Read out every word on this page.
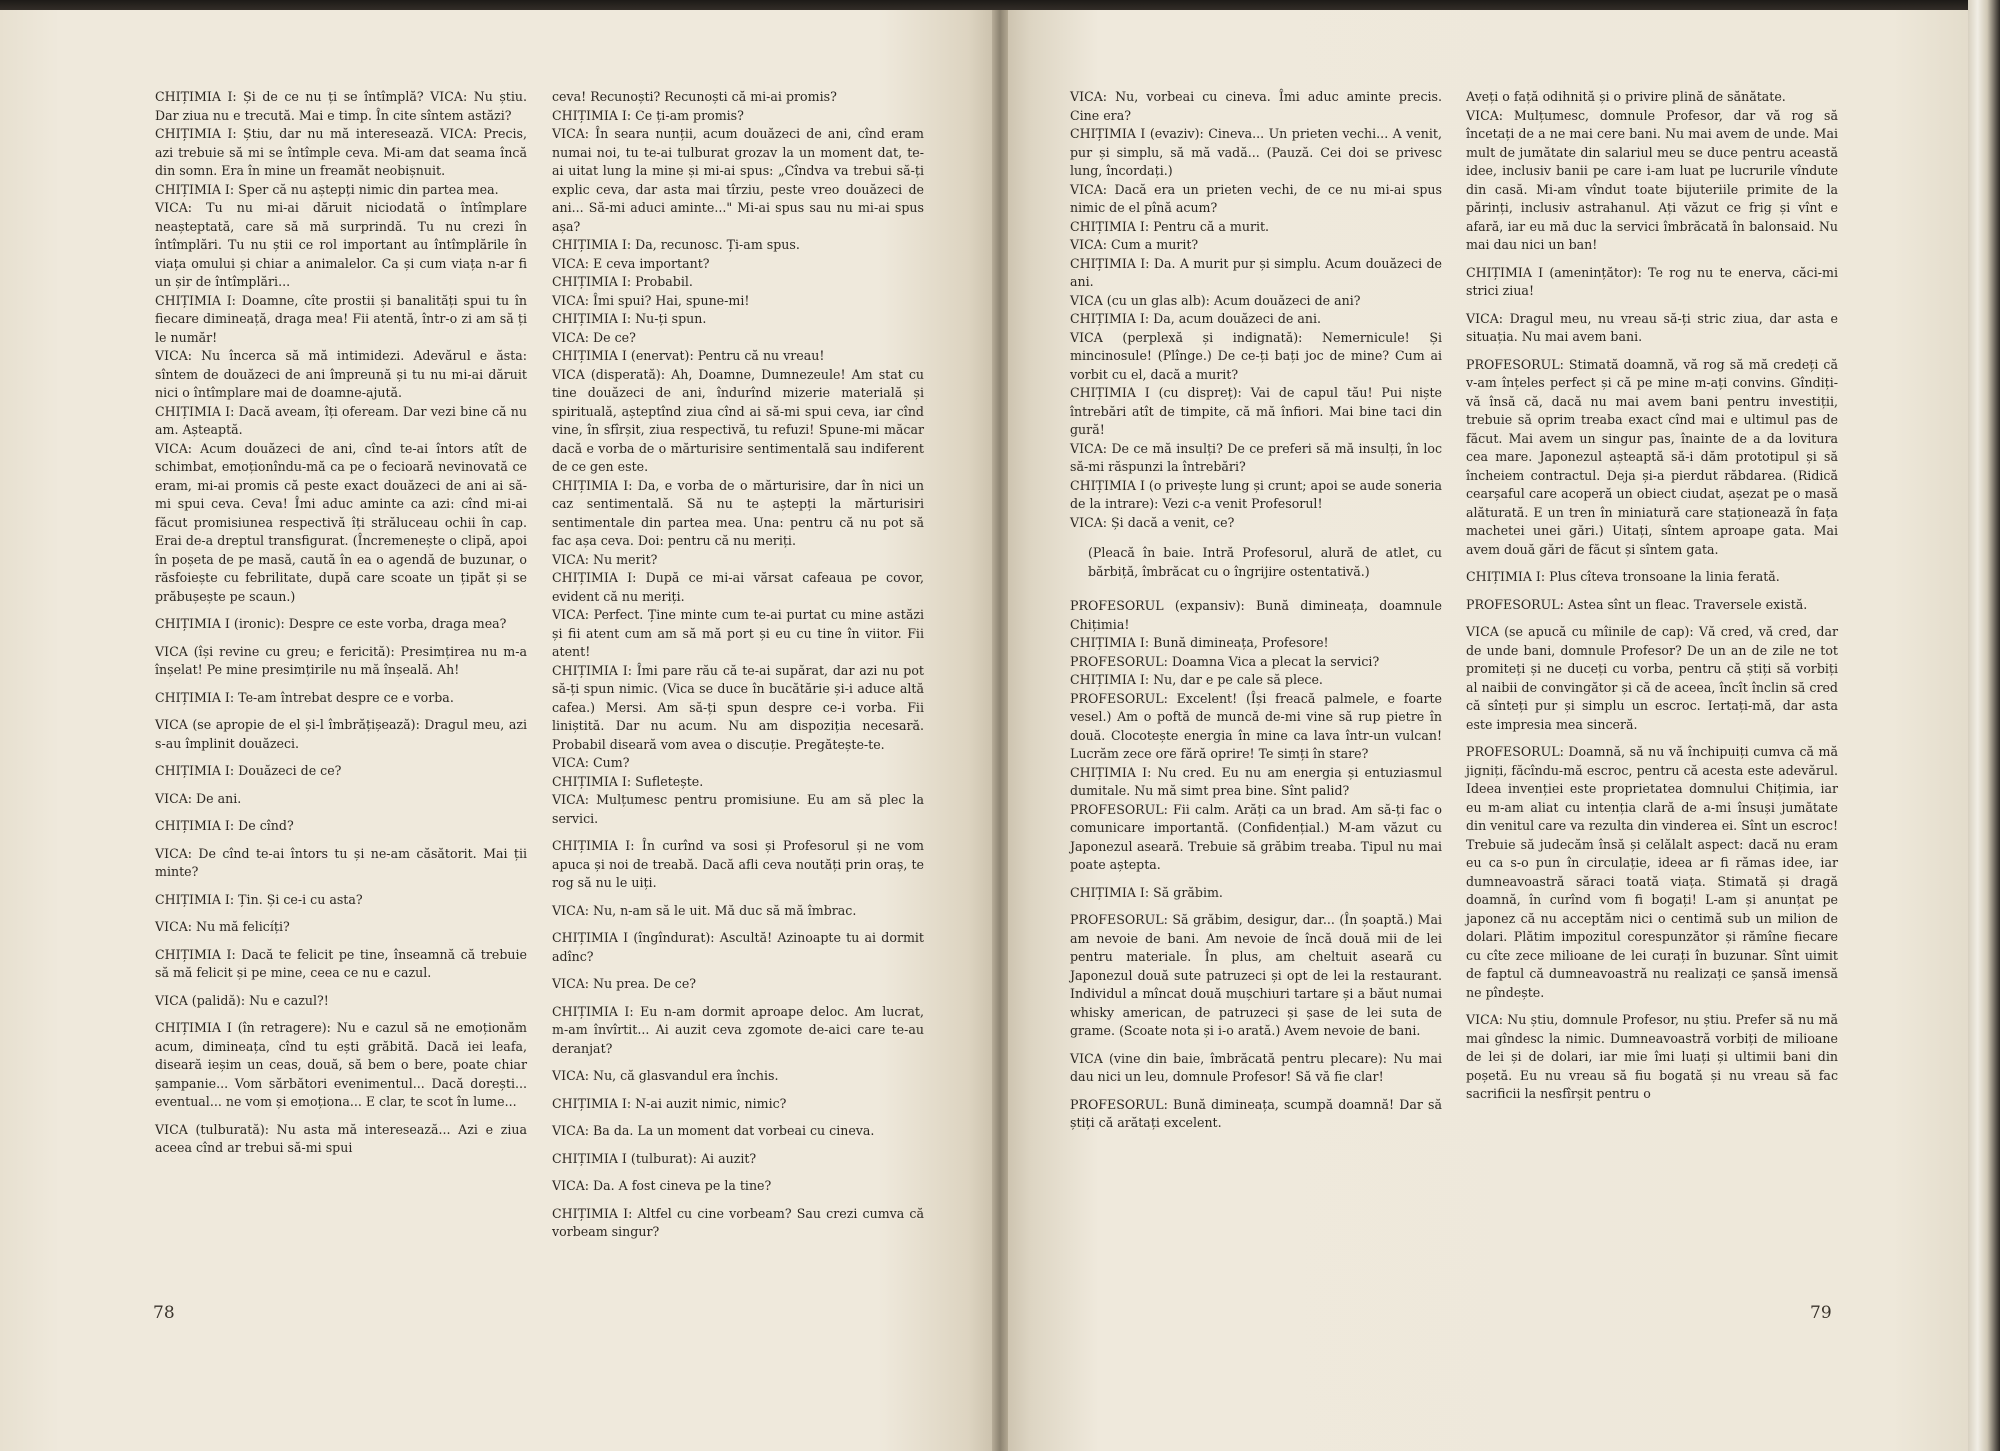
CHIȚIMIA I: Și de ce nu ți se întîmplă? VICA: Nu știu. Dar ziua nu e trecută. Mai e timp. În cite sîntem astăzi?

CHIȚIMIA I: Știu, dar nu mă interesează. VICA: Precis, azi trebuie să mi se întîmple ceva. Mi-am dat seama încă din somn. Era în mine un freamăt neobișnuit.

CHIȚIMIA I: Sper că nu aștepți nimic din partea mea.

VICA: Tu nu mi-ai dăruit niciodată o întîmplare neașteptată, care să mă surprindă. Tu nu crezi în întîmplări. Tu nu știi ce rol important au întîmplările în viața omului și chiar a animalelor. Ca și cum viața n-ar fi un șir de întîmplări...

CHIȚIMIA I: Doamne, cîte prostii și banalități spui tu în fiecare dimineață, draga mea! Fii atentă, într-o zi am să ți le număr!

VICA: Nu încerca să mă intimidezi. Adevărul e ăsta: sîntem de douăzeci de ani împreună și tu nu mi-ai dăruit nici o întîmplare mai de doamne-ajută.

CHIȚIMIA I: Dacă aveam, îți ofeream. Dar vezi bine că nu am. Așteaptă.

VICA: Acum douăzeci de ani, cînd te-ai întors atît de schimbat, emoționîndu-mă ca pe o fecioară nevinovată ce eram, mi-ai promis că peste exact douăzeci de ani ai să-mi spui ceva. Ceva! Îmi aduc aminte ca azi: cînd mi-ai făcut promisiunea respectivă îți străluceau ochii în cap. Erai de-a dreptul transfigurat. (Încremenește o clipă, apoi în poșeta de pe masă, caută în ea o agendă de buzunar, o răsfoiește cu febrilitate, după care scoate un țipăt și se prăbușește pe scaun.)

CHIȚIMIA I (ironic): Despre ce este vorba, draga mea?

VICA (își revine cu greu; e fericită): Presimțirea nu m-a înșelat! Pe mine presimțirile nu mă înșeală. Ah!

CHIȚIMIA I: Te-am întrebat despre ce e vorba.

VICA (se apropie de el și-l îmbrățișează): Dragul meu, azi s-au împlinit douăzeci.

CHIȚIMIA I: Douăzeci de ce?

VICA: De ani.

CHIȚIMIA I: De cînd?

VICA: De cînd te-ai întors tu și ne-am căsătorit. Mai ții minte?

CHIȚIMIA I: Țin. Și ce-i cu asta?

VICA: Nu mă felicíți?

CHIȚIMIA I: Dacă te felicit pe tine, înseamnă că trebuie să mă felicit și pe mine, ceea ce nu e cazul.

VICA (palidă): Nu e cazul?!

CHIȚIMIA I (în retragere): Nu e cazul să ne emoționăm acum, dimineața, cînd tu ești grăbită. Dacă iei leafa, diseară ieșim un ceas, două, să bem o bere, poate chiar șampanie... Vom sărbători evenimentul... Dacă dorești... eventual... ne vom și emoționa... E clar, te scot în lume...

VICA (tulburată): Nu asta mă interesează... Azi e ziua aceea cînd ar trebui să-mi spui

ceva! Recunoști? Recunoști că mi-ai promis?

CHIȚIMIA I: Ce ți-am promis?

VICA: În seara nunții, acum douăzeci de ani, cînd eram numai noi, tu te-ai tulburat grozav la un moment dat, te-ai uitat lung la mine și mi-ai spus: „Cîndva va trebui să-ți explic ceva, dar asta mai tîrziu, peste vreo douăzeci de ani... Să-mi aduci aminte..." Mi-ai spus sau nu mi-ai spus așa?

CHIȚIMIA I: Da, recunosc. Ți-am spus.

VICA: E ceva important?

CHIȚIMIA I: Probabil.

VICA: Îmi spui? Hai, spune-mi!

CHIȚIMIA I: Nu-ți spun.

VICA: De ce?

CHIȚIMIA I (enervat): Pentru că nu vreau!

VICA (disperată): Ah, Doamne, Dumnezeule! Am stat cu tine douăzeci de ani, îndurînd mizerie materială și spirituală, așteptînd ziua cînd ai să-mi spui ceva, iar cînd vine, în sfîrșit, ziua respectivă, tu refuzi! Spune-mi măcar dacă e vorba de o mărturisire sentimentală sau indiferent de ce gen este.

CHIȚIMIA I: Da, e vorba de o mărturisire, dar în nici un caz sentimentală. Să nu te aștepți la mărturisiri sentimentale din partea mea. Una: pentru că nu pot să fac așa ceva. Doi: pentru că nu meriți.

VICA: Nu merit?

CHIȚIMIA I: După ce mi-ai vărsat cafeaua pe covor, evident că nu meriți.

VICA: Perfect. Ține minte cum te-ai purtat cu mine astăzi și fii atent cum am să mă port și eu cu tine în viitor. Fii atent!

CHIȚIMIA I: Îmi pare rău că te-ai supărat, dar azi nu pot să-ți spun nimic. (Vica se duce în bucătărie și-i aduce altă cafea.) Mersi. Am să-ți spun despre ce-i vorba. Fii liniștită. Dar nu acum. Nu am dispoziția necesară. Probabil diseară vom avea o discuție. Pregătește-te.

VICA: Cum?

CHIȚIMIA I: Sufletește.

VICA: Mulțumesc pentru promisiune. Eu am să plec la servici.

CHIȚIMIA I: În curînd va sosi și Profesorul și ne vom apuca și noi de treabă. Dacă afli ceva noutăți prin oraș, te rog să nu le uiți.

VICA: Nu, n-am să le uit. Mă duc să mă îmbrac.

CHIȚIMIA I (îngîndurat): Ascultă! Azinoapte tu ai dormit adînc?

VICA: Nu prea. De ce?

CHIȚIMIA I: Eu n-am dormit aproape deloc. Am lucrat, m-am învîrtit... Ai auzit ceva zgomote de-aici care te-au deranjat?

VICA: Nu, că glasvandul era închis.

CHIȚIMIA I: N-ai auzit nimic, nimic?

VICA: Ba da. La un moment dat vorbeai cu cineva.

CHIȚIMIA I (tulburat): Ai auzit?

VICA: Da. A fost cineva pe la tine?

CHIȚIMIA I: Altfel cu cine vorbeam? Sau crezi cumva că vorbeam singur?

VICA: Nu, vorbeai cu cineva. Îmi aduc aminte precis. Cine era?

CHIȚIMIA I (evaziv): Cineva... Un prieten vechi... A venit, pur și simplu, să mă vadă... (Pauză. Cei doi se privesc lung, încordați.)

VICA: Dacă era un prieten vechi, de ce nu mi-ai spus nimic de el pînă acum?

CHIȚIMIA I: Pentru că a murit.

VICA: Cum a murit?

CHIȚIMIA I: Da. A murit pur și simplu. Acum douăzeci de ani.

VICA (cu un glas alb): Acum douăzeci de ani?

CHIȚIMIA I: Da, acum douăzeci de ani.

VICA (perplexă și indignată): Nemernicule! Și mincinosule! (Plînge.) De ce-ți bați joc de mine? Cum ai vorbit cu el, dacă a murit?

CHIȚIMIA I (cu dispreț): Vai de capul tău! Pui niște întrebări atît de timpite, că mă înfiori. Mai bine taci din gură!

VICA: De ce mă insulți? De ce preferi să mă insulți, în loc să-mi răspunzi la întrebări?

CHIȚIMIA I (o privește lung și crunt; apoi se aude soneria de la intrare): Vezi c-a venit Profesorul!

VICA: Și dacă a venit, ce?

(Pleacă în baie. Intră Profesorul, alură de atlet, cu bărbiță, îmbrăcat cu o îngrijire ostentativă.)

PROFESORUL (expansiv): Bună dimineața, doamnule Chițimia!

CHIȚIMIA I: Bună dimineața, Profesore!

PROFESORUL: Doamna Vica a plecat la servici?

CHIȚIMIA I: Nu, dar e pe cale să plece.

PROFESORUL: Excelent! (Își freacă palmele, e foarte vesel.) Am o poftă de muncă de-mi vine să rup pietre în două. Clocotește energia în mine ca lava într-un vulcan! Lucrăm zece ore fără oprire! Te simți în stare?

CHIȚIMIA I: Nu cred. Eu nu am energia și entuziasmul dumitale. Nu mă simt prea bine. Sînt palid?

PROFESORUL: Fii calm. Arăți ca un brad. Am să-ți fac o comunicare importantă. (Confidențial.) M-am văzut cu Japonezul aseară. Trebuie să grăbim treaba. Tipul nu mai poate aștepta.

CHIȚIMIA I: Să grăbim.

PROFESORUL: Să grăbim, desigur, dar... (În șoaptă.) Mai am nevoie de bani. Am nevoie de încă două mii de lei pentru materiale. În plus, am cheltuit aseară cu Japonezul două sute patruzeci și opt de lei la restaurant. Individul a mîncat două mușchiuri tartare și a băut numai whisky american, de patruzeci și șase de lei suta de grame. (Scoate nota și i-o arată.) Avem nevoie de bani.

VICA (vine din baie, îmbrăcată pentru plecare): Nu mai dau nici un leu, domnule Profesor! Să vă fie clar!

PROFESORUL: Bună dimineața, scumpă doamnă! Dar să știți că arătați excelent.

Aveți o față odihnită și o privire plină de sănătate.

VICA: Mulțumesc, domnule Profesor, dar vă rog să încetați de a ne mai cere bani. Nu mai avem de unde. Mai mult de jumătate din salariul meu se duce pentru această idee, inclusiv banii pe care i-am luat pe lucrurile vîndute din casă. Mi-am vîndut toate bijuteriile primite de la părinți, inclusiv astrahanul. Ați văzut ce frig și vînt e afară, iar eu mă duc la servici îmbrăcată în balonsaid. Nu mai dau nici un ban!

CHIȚIMIA I (amenințător): Te rog nu te enerva, căci-mi strici ziua!

VICA: Dragul meu, nu vreau să-ți stric ziua, dar asta e situația. Nu mai avem bani.

PROFESORUL: Stimată doamnă, vă rog să mă credeți că v-am înțeles perfect și că pe mine m-ați convins. Gîndiți-vă însă că, dacă nu mai avem bani pentru investiții, trebuie să oprim treaba exact cînd mai e ultimul pas de făcut. Mai avem un singur pas, înainte de a da lovitura cea mare. Japonezul așteaptă să-i dăm prototipul și să încheiem contractul. Deja și-a pierdut răbdarea. (Ridică cearșaful care acoperă un obiect ciudat, așezat pe o masă alăturată. E un tren în miniatură care staționează în fața machetei unei gări.) Uitați, sîntem aproape gata. Mai avem două gări de făcut și sîntem gata.

CHIȚIMIA I: Plus cîteva tronsoane la linia ferată.

PROFESORUL: Astea sînt un fleac. Traversele există.

VICA (se apucă cu mîinile de cap): Vă cred, vă cred, dar de unde bani, domnule Profesor? De un an de zile ne tot promiteți și ne duceți cu vorba, pentru că știți să vorbiți al naibii de convingător și că de aceea, încît înclin să cred că sînteți pur și simplu un escroc. Iertați-mă, dar asta este impresia mea sinceră.

PROFESORUL: Doamnă, să nu vă închipuiți cumva că mă jigniți, făcîndu-mă escroc, pentru că acesta este adevărul. Ideea invenției este proprietatea domnului Chițimia, iar eu m-am aliat cu intenția clară de a-mi însuși jumătate din venitul care va rezulta din vinderea ei. Sînt un escroc! Trebuie să judecăm însă și celălalt aspect: dacă nu eram eu ca s-o pun în circulație, ideea ar fi rămas idee, iar dumneavoastră săraci toată viața. Stimată și dragă doamnă, în curînd vom fi bogați! L-am și anunțat pe japonez că nu acceptăm nici o centimă sub un milion de dolari. Plătim impozitul corespunzător și rămîne fiecare cu cîte zece milioane de lei curați în buzunar. Sînt uimit de faptul că dumneavoastră nu realizați ce șansă imensă ne pîndește.

VICA: Nu știu, domnule Profesor, nu știu. Prefer să nu mă mai gîndesc la nimic. Dumneavoastră vorbiți de milioane de lei și de dolari, iar mie îmi luați și ultimii bani din poșetă. Eu nu vreau să fiu bogată și nu vreau să fac sacrificii la nesfîrșit pentru o

78	79
